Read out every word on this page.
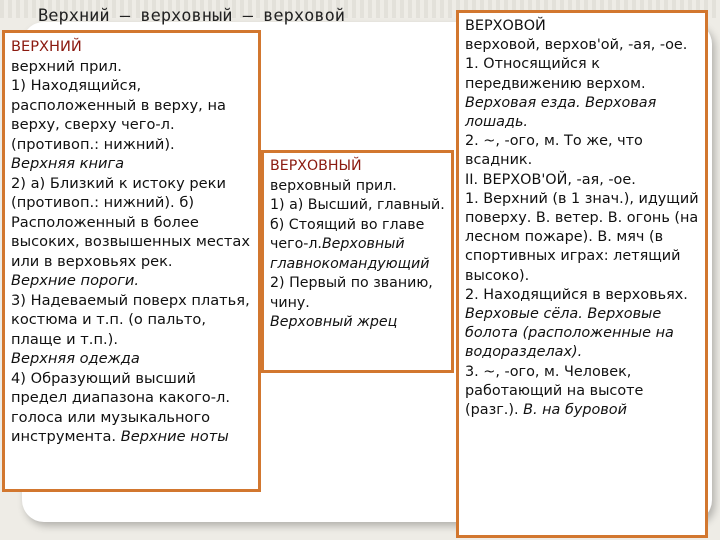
Верхний – верховный – верховой

ВЕРХНИЙ

верхний прил.
1) Находящийся, расположенный в верху, на верху, сверху чего-л. (противоп.: нижний).
Верхняя книга
2) а) Близкий к истоку реки (противоп.: нижний). б) Расположенный в более высоких, возвышенных местах или в верховьях рек.
Верхние пороги.
3) Надеваемый поверх платья, костюма и т.п. (о пальто, плаще и т.п.).
Верхняя одежда
4) Образующий высший предел диапазона какого-л. голоса или музыкального инструмента. Верхние ноты

ВЕРХОВНЫЙ

верховный прил.
1) а) Высший, главный.
б) Стоящий во главе чего-л.Верховный главнокомандующий
2) Первый по званию, чину.
Верховный жрец

ВЕРХОВОЙ

верховой, верхов'ой, -ая, -ое.
1. Относящийся к передвижению верхом.
Верховая езда. Верховая лошадь.
2. ~, -ого, м. То же, что всадник.
II. ВЕРХОВ'ОЙ, -ая, -ое.
1. Верхний (в 1 знач.), идущий поверху. В. ветер. В. огонь (на лесном пожаре). В. мяч (в спортивных играх: летящий высоко).
2. Находящийся в верховьях. Верховые сёла. Верховые болота (расположенные на водоразделах).
3. ~, -ого, м. Человек, работающий на высоте (разг.). В. на буровой
